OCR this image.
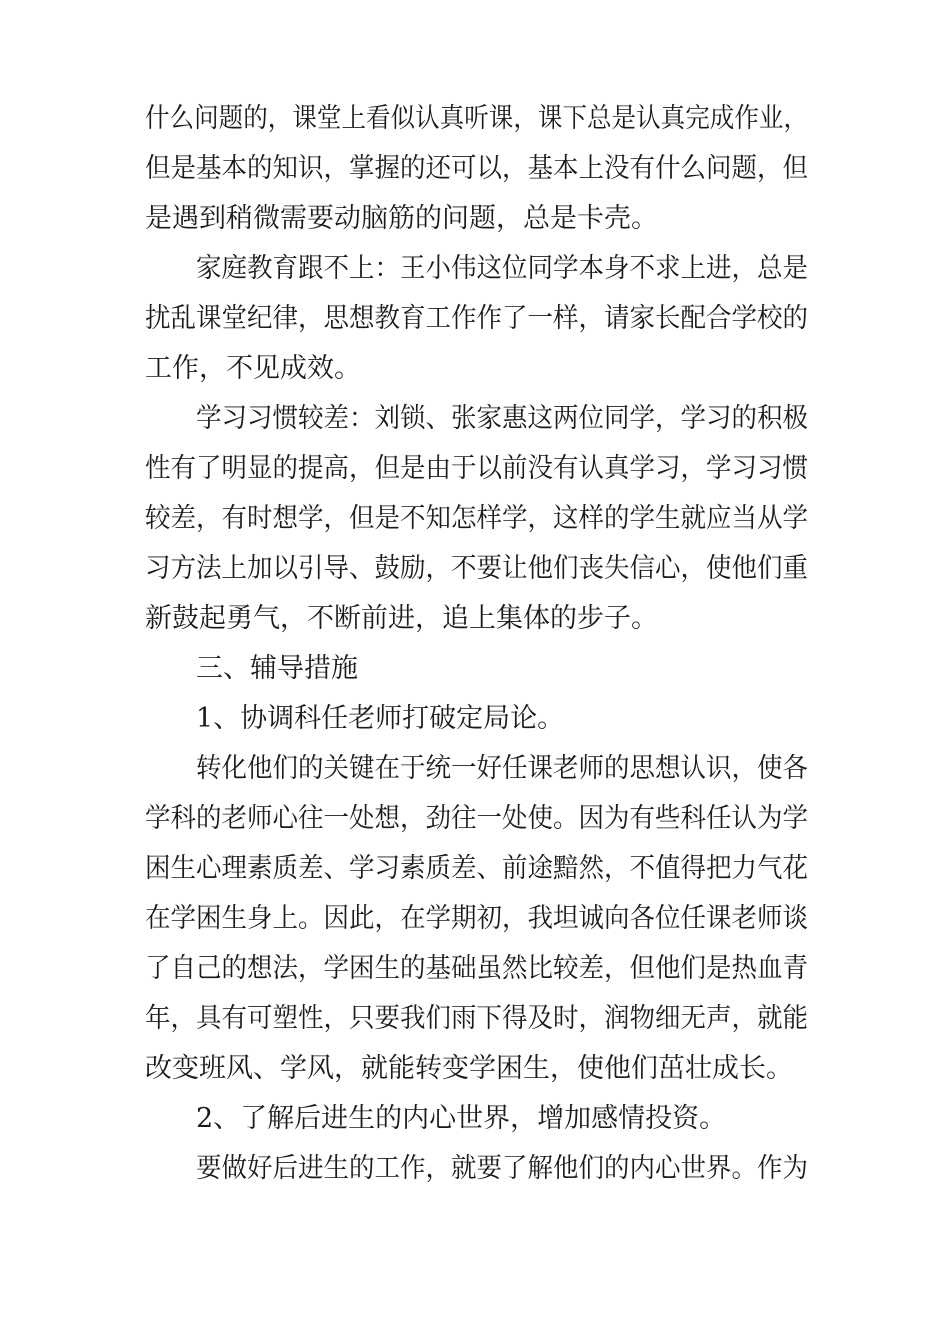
什么问题的，课堂上看似认真听课，课下总是认真完成作业，
但是基本的知识，掌握的还可以，基本上没有什么问题，但
是遇到稍微需要动脑筋的问题，总是卡壳。
家庭教育跟不上：王小伟这位同学本身不求上进，总是
扰乱课堂纪律，思想教育工作作了一样，请家长配合学校的
工作，不见成效。
学习习惯较差：刘锁、张家惠这两位同学，学习的积极
性有了明显的提高，但是由于以前没有认真学习，学习习惯
较差，有时想学，但是不知怎样学，这样的学生就应当从学
习方法上加以引导、鼓励，不要让他们丧失信心，使他们重
新鼓起勇气，不断前进，追上集体的步子。
三、辅导措施
1、协调科任老师打破定局论。
转化他们的关键在于统一好任课老师的思想认识，使各
学科的老师心往一处想，劲往一处使。因为有些科任认为学
困生心理素质差、学习素质差、前途黯然，不值得把力气花
在学困生身上。因此，在学期初，我坦诚向各位任课老师谈
了自己的想法，学困生的基础虽然比较差，但他们是热血青
年，具有可塑性，只要我们雨下得及时，润物细无声，就能
改变班风、学风，就能转变学困生，使他们茁壮成长。
2、了解后进生的内心世界，增加感情投资。
要做好后进生的工作，就要了解他们的内心世界。作为
